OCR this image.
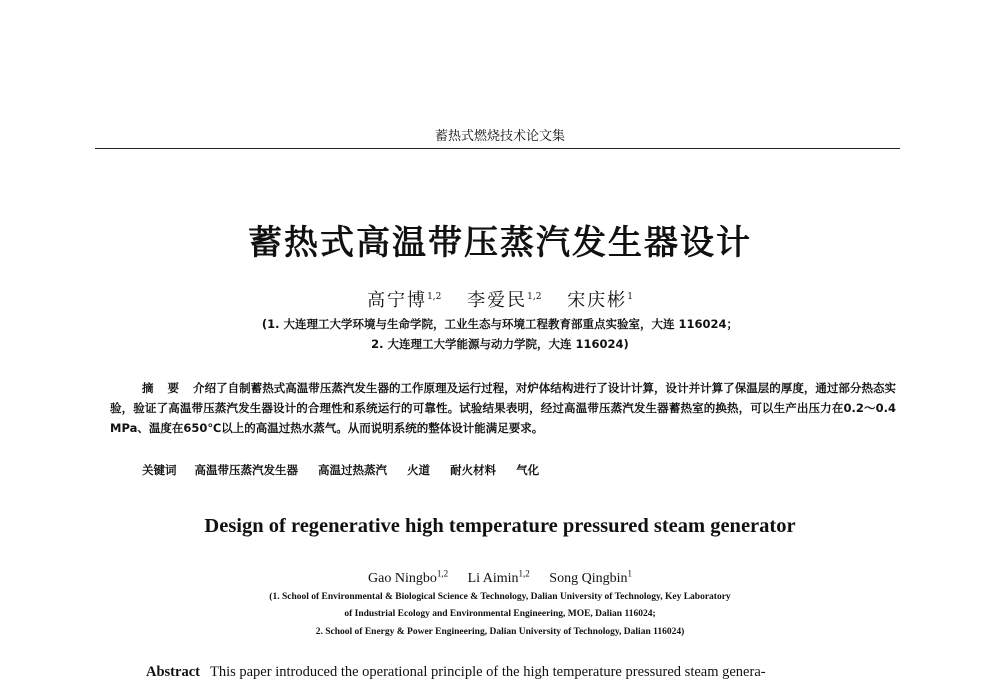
蓄热式燃烧技术论文集
蓄热式高温带压蒸汽发生器设计
高宁博$^{1,2}$ 李爱民$^{1,2}$ 宋庆彬$^1$
(1. 大连理工大学环境与生命学院，工业生态与环境工程教育部重点实验室，大连 116024；
2. 大连理工大学能源与动力学院，大连 116024)
摘要介绍了自制蓄热式高温带压蒸汽发生器的工作原理及运行过程，对炉体结构进行了设计计算，设计并计算了保温层的厚度，通过部分热态实验，验证了高温带压蒸汽发生器设计的合理性和系统运行的可靠性。试验结果表明，经过高温带压蒸汽发生器蓄热室的换热，可以生产出压力在0.2～0.4 MPa、温度在650℃以上的高温过热水蒸气。从而说明系统的整体设计能满足要求。
关键词 高温带压蒸汽发生器 高温过热蒸汽 火道 耐火材料 气化
Design of regenerative high temperature pressured steam generator
Gao Ningbo$^{1,2}$ Li Aimin$^{1,2}$ Song Qingbin$^1$
(1. School of Environmental & Biological Science & Technology, Dalian University of Technology, Key Laboratory
of Industrial Ecology and Environmental Engineering, MOE, Dalian 116024;
2. School of Energy & Power Engineering, Dalian University of Technology, Dalian 116024)
Abstract This paper introduced the operational principle of the high temperature pressured steam genera-
